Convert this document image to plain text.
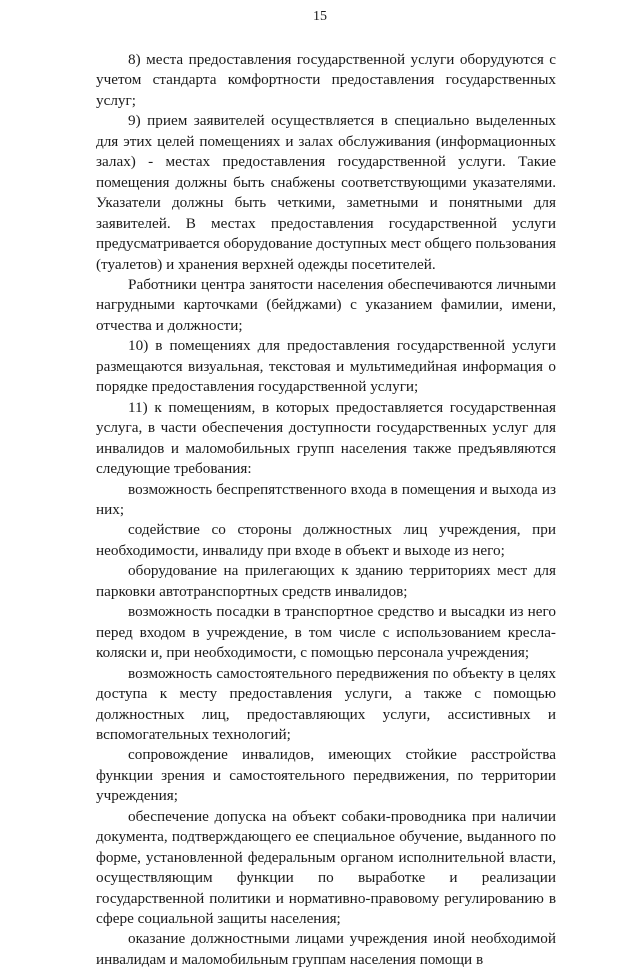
15

8) места предоставления государственной услуги оборудуются с учетом стандарта комфортности предоставления государственных услуг;

9) прием заявителей осуществляется в специально выделенных для этих целей помещениях и залах обслуживания (информационных залах) - местах предоставления государственной услуги. Такие помещения должны быть снабжены соответствующими указателями. Указатели должны быть четкими, заметными и понятными для заявителей. В местах предоставления государственной услуги предусматривается оборудование доступных мест общего пользования (туалетов) и хранения верхней одежды посетителей.

Работники центра занятости населения обеспечиваются личными нагрудными карточками (бейджами) с указанием фамилии, имени, отчества и должности;

10) в помещениях для предоставления государственной услуги размещаются визуальная, текстовая и мультимедийная информация о порядке предоставления государственной услуги;

11) к помещениям, в которых предоставляется государственная услуга, в части обеспечения доступности государственных услуг для инвалидов и маломобильных групп населения также предъявляются следующие требования:

возможность беспрепятственного входа в помещения и выхода из них;

содействие со стороны должностных лиц учреждения, при необходимости, инвалиду при входе в объект и выходе из него;

оборудование на прилегающих к зданию территориях мест для парковки автотранспортных средств инвалидов;

возможность посадки в транспортное средство и высадки из него перед входом в учреждение, в том числе с использованием кресла-коляски и, при необходимости, с помощью персонала учреждения;

возможность самостоятельного передвижения по объекту в целях доступа к месту предоставления услуги, а также с помощью должностных лиц, предоставляющих услуги, ассистивных и вспомогательных технологий;

сопровождение инвалидов, имеющих стойкие расстройства функции зрения и самостоятельного передвижения, по территории учреждения;

обеспечение допуска на объект собаки-проводника при наличии документа, подтверждающего ее специальное обучение, выданного по форме, установленной федеральным органом исполнительной власти, осуществляющим функции по выработке и реализации государственной политики и нормативно-правовому регулированию в сфере социальной защиты населения;

оказание должностными лицами учреждения иной необходимой инвалидам и маломобильным группам населения помощи в
